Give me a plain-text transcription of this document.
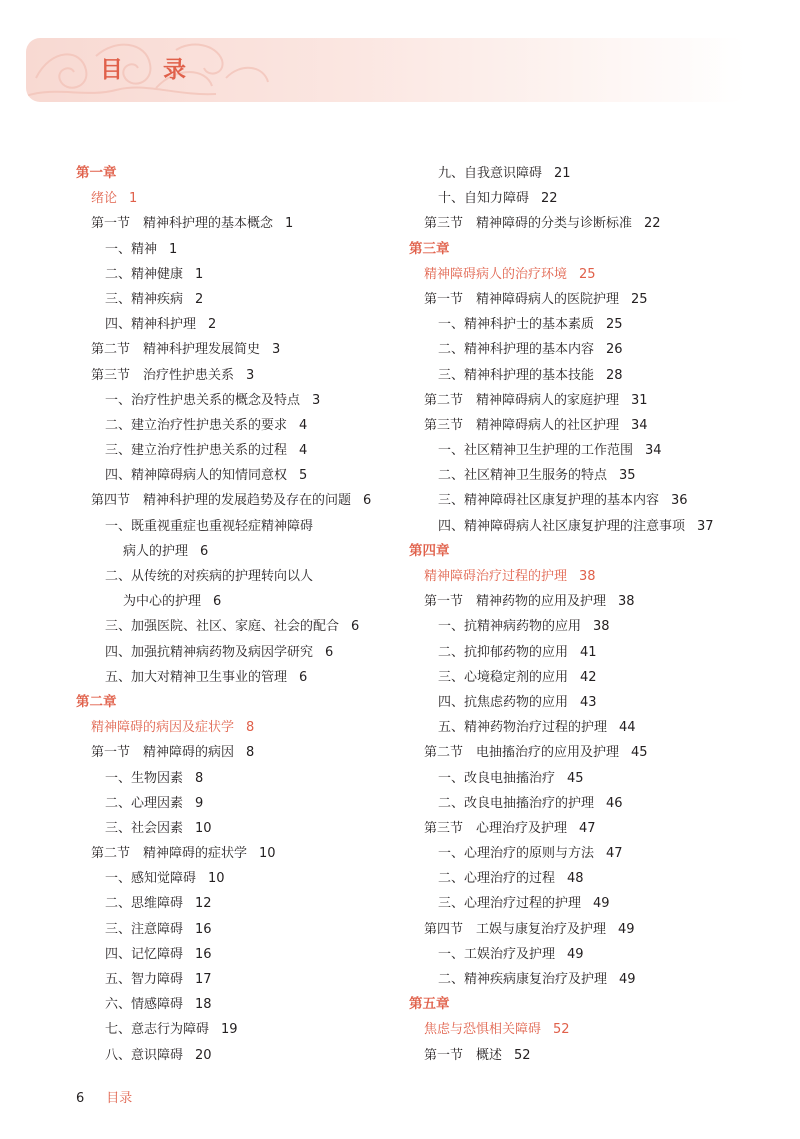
目 录
第一章
绪论 1
第一节　精神科护理的基本概念 1
一、精神 1
二、精神健康 1
三、精神疾病 2
四、精神科护理 2
第二节　精神科护理发展简史 3
第三节　治疗性护患关系 3
一、治疗性护患关系的概念及特点 3
二、建立治疗性护患关系的要求 4
三、建立治疗性护患关系的过程 4
四、精神障碍病人的知情同意权 5
第四节　精神科护理的发展趋势及存在的问题 6
一、既重视重症也重视轻症精神障碍
病人的护理 6
二、从传统的对疾病的护理转向以人
为中心的护理 6
三、加强医院、社区、家庭、社会的配合 6
四、加强抗精神病药物及病因学研究 6
五、加大对精神卫生事业的管理 6
第二章
精神障碍的病因及症状学 8
第一节　精神障碍的病因 8
一、生物因素 8
二、心理因素 9
三、社会因素 10
第二节　精神障碍的症状学 10
一、感知觉障碍 10
二、思维障碍 12
三、注意障碍 16
四、记忆障碍 16
五、智力障碍 17
六、情感障碍 18
七、意志行为障碍 19
八、意识障碍 20
九、自我意识障碍 21
十、自知力障碍 22
第三节　精神障碍的分类与诊断标准 22
第三章
精神障碍病人的治疗环境 25
第一节　精神障碍病人的医院护理 25
一、精神科护士的基本素质 25
二、精神科护理的基本内容 26
三、精神科护理的基本技能 28
第二节　精神障碍病人的家庭护理 31
第三节　精神障碍病人的社区护理 34
一、社区精神卫生护理的工作范围 34
二、社区精神卫生服务的特点 35
三、精神障碍社区康复护理的基本内容 36
四、精神障碍病人社区康复护理的注意事项 37
第四章
精神障碍治疗过程的护理 38
第一节　精神药物的应用及护理 38
一、抗精神病药物的应用 38
二、抗抑郁药物的应用 41
三、心境稳定剂的应用 42
四、抗焦虑药物的应用 43
五、精神药物治疗过程的护理 44
第二节　电抽搐治疗的应用及护理 45
一、改良电抽搐治疗 45
二、改良电抽搐治疗的护理 46
第三节　心理治疗及护理 47
一、心理治疗的原则与方法 47
二、心理治疗的过程 48
三、心理治疗过程的护理 49
第四节　工娱与康复治疗及护理 49
一、工娱治疗及护理 49
二、精神疾病康复治疗及护理 49
第五章
焦虑与恐惧相关障碍 52
第一节　概述 52
6 目录
